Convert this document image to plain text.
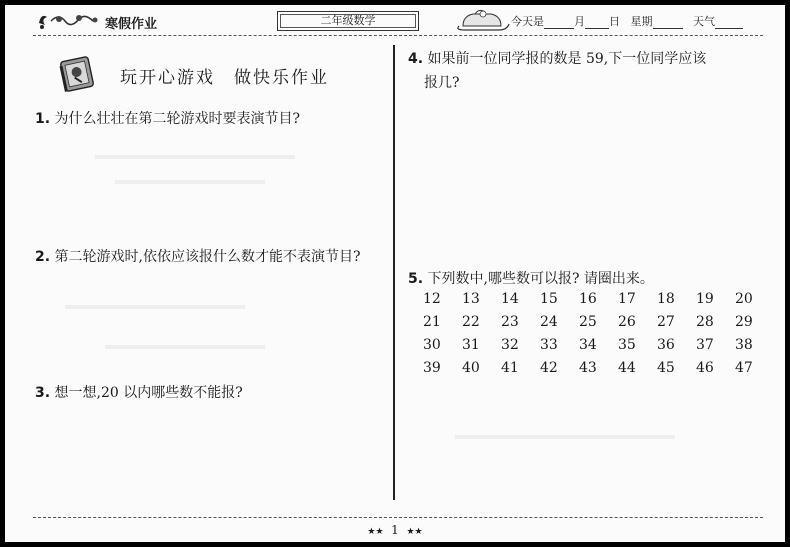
寒假作业	二年级数学	今天是	月 日 星期	天气
玩开心游戏　做快乐作业
1. 为什么壮壮在第二轮游戏时要表演节目?
2. 第二轮游戏时,依依应该报什么数才能不表演节目?
3. 想一想,20 以内哪些数不能报?
4. 如果前一位同学报的数是 59,下一位同学应该
报几?
5. 下列数中,哪些数可以报? 请圈出来。
12	13	14	15	16	17	18	19	20
21	22	23	24	25	26	27	28	29
30	31	32	33	34	35	36	37	38
39	40	41	42	43	44	45	46	47
★★ 1 ★★
